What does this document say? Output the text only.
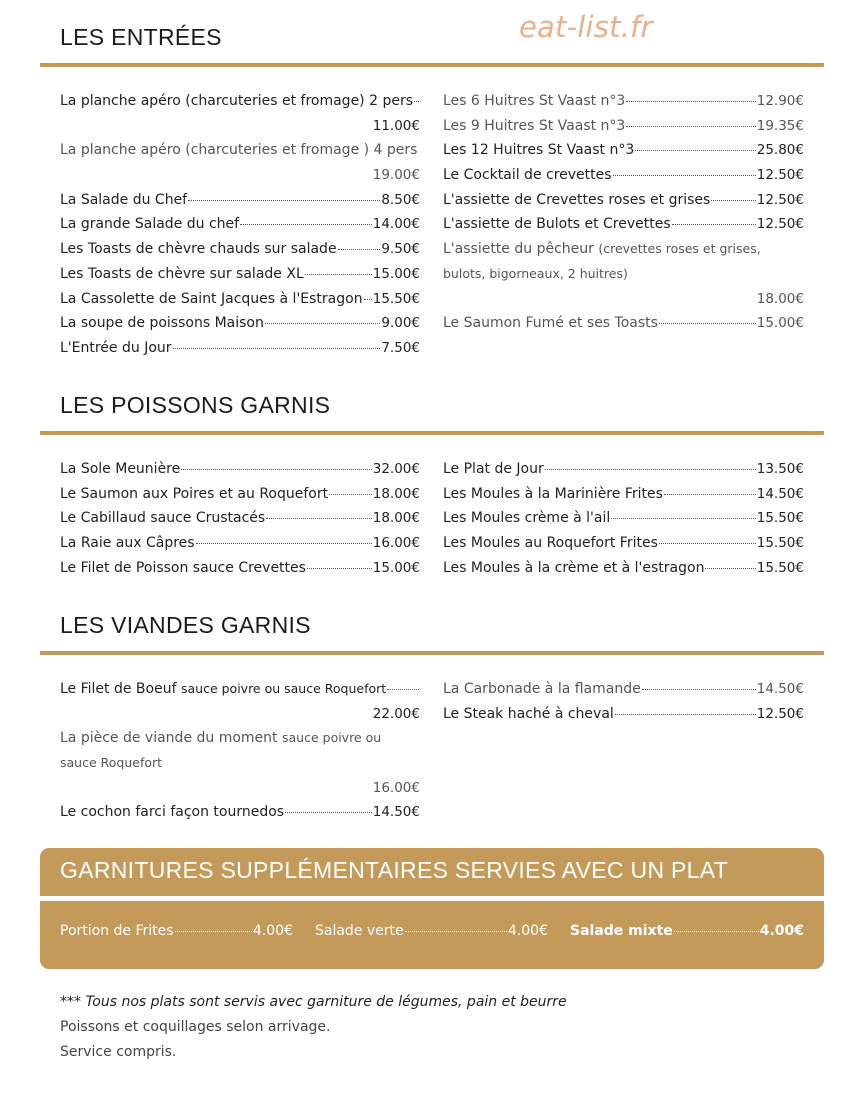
eat-list.fr
LES ENTRÉES
La planche apéro (charcuteries et fromage) 2 pers
11.00€
La planche apéro (charcuteries et fromage ) 4 pers
19.00€
La Salade du Chef	8.50€
La grande Salade du chef	14.00€
Les Toasts de chèvre chauds sur salade	9.50€
Les Toasts de chèvre sur salade XL	15.00€
La Cassolette de Saint Jacques à l'Estragon 15.50€
La soupe de poissons Maison	9.00€
L'Entrée du Jour	7.50€
Les 6 Huitres St Vaast n°3	12.90€
Les 9 Huitres St Vaast n°3	19.35€
Les 12 Huitres St Vaast n°3	25.80€
Le Cocktail de crevettes	12.50€
L'assiette de Crevettes roses et grises	12.50€
L'assiette de Bulots et Crevettes	12.50€
L'assiette du pêcheur (crevettes roses et grises, bulots, bigorneaux, 2 huitres)
18.00€
Le Saumon Fumé et ses Toasts	15.00€
LES POISSONS GARNIS
La Sole Meunière	32.00€
Le Saumon aux Poires et au Roquefort	18.00€
Le Cabillaud sauce Crustacés	18.00€
La Raie aux Câpres	16.00€
Le Filet de Poisson sauce Crevettes	15.00€
Le Plat de Jour	13.50€
Les Moules à la Marinière Frites	14.50€
Les Moules crème à l'ail	15.50€
Les Moules au Roquefort Frites	15.50€
Les Moules à la crème et à l'estragon	15.50€
LES VIANDES GARNIS
Le Filet de Boeuf
sauce poivre ou sauce Roquefort
22.00€
La pièce de viande du moment sauce poivre ou sauce Roquefort
16.00€
Le cochon farci façon tournedos	14.50€
La Carbonade à la flamande	14.50€
Le Steak haché à cheval	12.50€
GARNITURES SUPPLÉMENTAIRES SERVIES AVEC UN PLAT
Portion de Frites	4.00€ Salade verte	4.00€ Salade mixte	4.00€
*** Tous nos plats sont servis avec garniture de légumes, pain et beurre
Poissons et coquillages selon arrivage.
Service compris.
